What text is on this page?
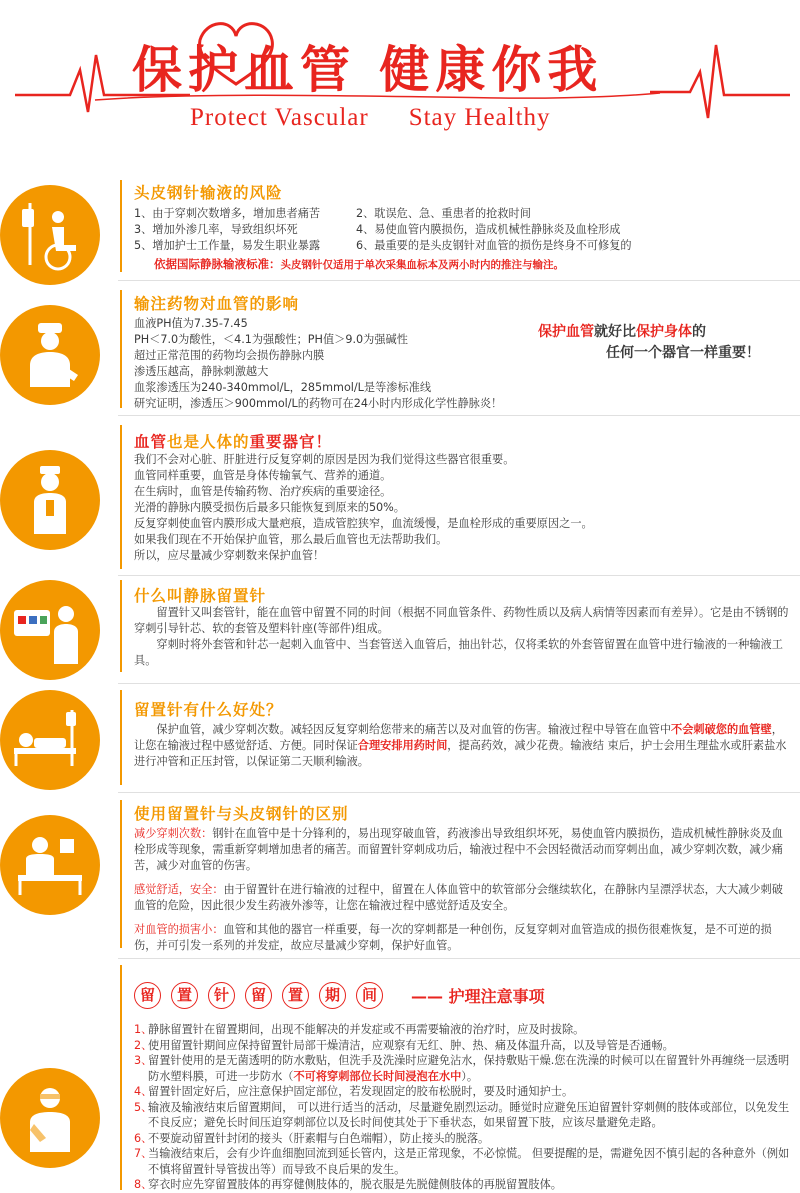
保护血管 健康你我
Protect Vascular Stay Healthy
头皮钢针输液的风险
1、由于穿刺次数增多，增加患者痛苦	2、耽误危、急、重患者的抢救时间
3、增加外渗几率，导致组织坏死	4、易使血管内膜损伤，造成机械性静脉炎及血栓形成
5、增加护士工作量，易发生职业暴露	6、最重要的是头皮钢针对血管的损伤是终身不可修复的
依据国际静脉输液标准：头皮钢针仅适用于单次采集血标本及两小时内的推注与输注。
输注药物对血管的影响
血液PH值为7.35-7.45
PH＜7.0为酸性，＜4.1为强酸性；PH值＞9.0为强碱性
超过正常范围的药物均会损伤静脉内膜
渗透压越高，静脉刺激越大
血浆渗透压为240-340mmol/L，285mmol/L是等渗标准线
研究证明，渗透压＞900mmol/L的药物可在24小时内形成化学性静脉炎！
保护血管就好比保护身体的
任何一个器官一样重要！
血管也是人体的重要器官！
我们不会对心脏、肝脏进行反复穿刺的原因是因为我们觉得这些器官很重要。
血管同样重要，血管是身体传输氧气、营养的通道。
在生病时，血管是传输药物、治疗疾病的重要途径。
光滑的静脉内膜受损伤后最多只能恢复到原来的50%。
反复穿刺使血管内膜形成大量疤痕，造成管腔狭窄，血流缓慢，是血栓形成的重要原因之一。
如果我们现在不开始保护血管，那么最后血管也无法帮助我们。
所以，应尽量减少穿刺数来保护血管！
什么叫静脉留置针

留置针又叫套管针，能在血管中留置不同的时间（根据不同血管条件、药物性质以及病人病情等因素而有差异）。它是由不锈钢的穿刺引导针芯、软的套管及塑料针座(等部件)组成。

穿刺时将外套管和针芯一起刺入血管中、当套管送入血管后，抽出针芯，仅将柔软的外套管留置在血管中进行输液的一种输液工具。

留置针有什么好处？

保护血管，减少穿刺次数。减轻因反复穿刺给您带来的痛苦以及对血管的伤害。输液过程中导管在血管中不会刺破您的血管壁，让您在输液过程中感觉舒适、方便。同时保证合理安排用药时间，提高药效，减少花费。输液结 束后，护士会用生理盐水或肝素盐水进行冲管和正压封管，以保证第二天顺利输液。

使用留置针与头皮钢针的区别

减少穿刺次数：钢针在血管中是十分锋利的，易出现穿破血管，药液渗出导致组织坏死，易使血管内膜损伤，造成机械性静脉炎及血栓形成等现象，需重新穿刺增加患者的痛苦。而留置针穿刺成功后，输液过程中不会因轻微活动而穿刺出血，减少穿刺次数，减少痛苦，减少对血管的伤害。

感觉舒适，安全：由于留置针在进行输液的过程中，留置在人体血管中的软管部分会继续软化，在静脉内呈漂浮状态，大大减少刺破血管的危险，因此很少发生药液外渗等，让您在输液过程中感觉舒适及安全。

对血管的损害小：血管和其他的器官一样重要，每一次的穿刺都是一种创伤，反复穿刺对血管造成的损伤很难恢复，是不可逆的损伤，并可引发一系列的并发症，故应尽量减少穿刺，保护好血管。

留	置	针	留	置	期	间	—— 护理注意事项
1、
静脉留置针在留置期间，出现不能解决的并发症或不再需要输液的治疗时，应及时拔除。
2、
使用留置针期间应保持留置针局部干燥清洁，应观察有无红、肿、热、痛及体温升高，以及导管是否通畅。
3、
留置针使用的是无菌透明的防水敷贴，但洗手及洗澡时应避免沾水，保持敷贴干燥.您在洗澡的时候可以在留置针外再缠绕一层透明防水塑料膜，可进一步防水（不可将穿刺部位长时间浸泡在水中）。
4、
留置针固定好后，应注意保护固定部位，若发现固定的胶布松脱时，要及时通知护士。
5、
输液及输液结束后留置期间， 可以进行适当的活动，尽量避免剧烈运动。睡觉时应避免压迫留置针穿刺侧的肢体或部位，以免发生不良反应；避免长时间压迫穿刺部位以及长时间使其处于下垂状态，如果留置下肢，应该尽量避免走路。
6、
不要旋动留置针封闭的接头（肝素帽与白色端帽），防止接头的脱落。
7、
当输液结束后，会有少许血细胞回流到延长管内，这是正常现象，不必惊慌。 但要提醒的是，需避免因不慎引起的各种意外（例如不慎将留置针导管拔出等）而导致不良后果的发生。
8、
穿衣时应先穿留置肢体的再穿健侧肢体的，脱衣服是先脱健侧肢体的再脱留置肢体。
